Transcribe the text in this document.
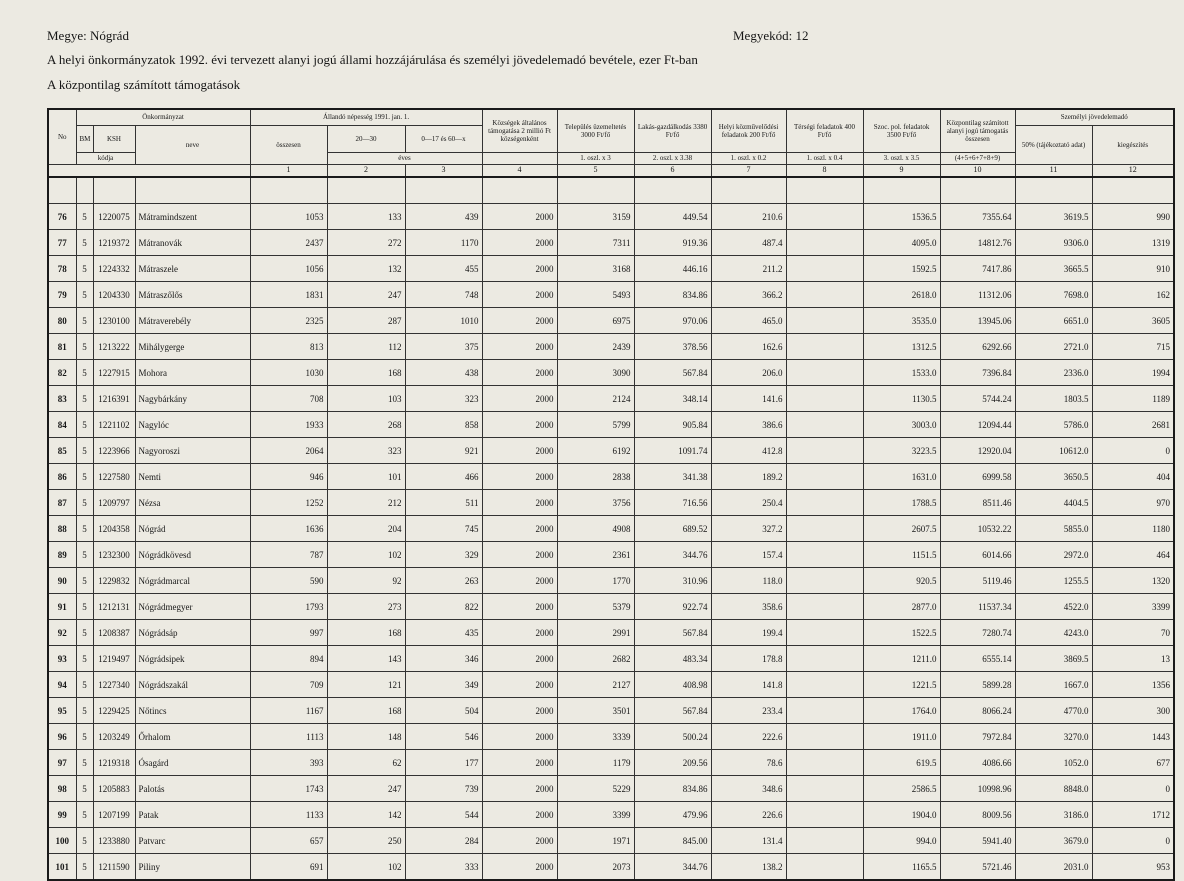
Megye: Nógrád	Megyekód: 12
A helyi önkormányzatok 1992. évi tervezett alanyi jogú állami hozzájárulása és személyi jövedelemadó bevétele, ezer Ft-ban
A központilag számított támogatások
No	Önkormányzat			Állandó népesség 1991. jan. 1.			Községek általános támogatása 2 millió Ft községenként	Település üzemeltetés 3000 Ft/fő	Lakás-gazdálkodás 3380 Ft/fő	Helyi közművelődési feladatok 200 Ft/fő	Térségi feladatok 400 Ft/fő	Szoc. pol. feladatok 3500 Ft/fő	Központilag számított alanyi jogú támogatás összesen	Személyi jövedelemadó	
	BM	KSH	neve	összesen	20—30	0—17 és 60—x								50% (tájékoztató adat)	kiegészítés
	kódja				éves			1. oszl. x 3	2. oszl. x 3.38	1. oszl. x 0.2	1. oszl. x 0.4	3. oszl. x 3.5	(4+5+6+7+8+9)		
				1	2	3	4	5	6	7	8	9	10	11	12

76	5	1220075	Mátramindszent	1053	133	439	2000	3159	449.54	210.6		1536.5	7355.64	3619.5	990
77	5	1219372	Mátranovák	2437	272	1170	2000	7311	919.36	487.4		4095.0	14812.76	9306.0	1319
78	5	1224332	Mátraszele	1056	132	455	2000	3168	446.16	211.2		1592.5	7417.86	3665.5	910
79	5	1204330	Mátraszőlős	1831	247	748	2000	5493	834.86	366.2		2618.0	11312.06	7698.0	162
80	5	1230100	Mátraverebély	2325	287	1010	2000	6975	970.06	465.0		3535.0	13945.06	6651.0	3605
81	5	1213222	Mihálygerge	813	112	375	2000	2439	378.56	162.6		1312.5	6292.66	2721.0	715
82	5	1227915	Mohora	1030	168	438	2000	3090	567.84	206.0		1533.0	7396.84	2336.0	1994
83	5	1216391	Nagybárkány	708	103	323	2000	2124	348.14	141.6		1130.5	5744.24	1803.5	1189
84	5	1221102	Nagylóc	1933	268	858	2000	5799	905.84	386.6		3003.0	12094.44	5786.0	2681
85	5	1223966	Nagyoroszi	2064	323	921	2000	6192	1091.74	412.8		3223.5	12920.04	10612.0	0
86	5	1227580	Nemti	946	101	466	2000	2838	341.38	189.2		1631.0	6999.58	3650.5	404
87	5	1209797	Nézsa	1252	212	511	2000	3756	716.56	250.4		1788.5	8511.46	4404.5	970
88	5	1204358	Nógrád	1636	204	745	2000	4908	689.52	327.2		2607.5	10532.22	5855.0	1180
89	5	1232300	Nógrádkövesd	787	102	329	2000	2361	344.76	157.4		1151.5	6014.66	2972.0	464
90	5	1229832	Nógrádmarcal	590	92	263	2000	1770	310.96	118.0		920.5	5119.46	1255.5	1320
91	5	1212131	Nógrádmegyer	1793	273	822	2000	5379	922.74	358.6		2877.0	11537.34	4522.0	3399
92	5	1208387	Nógrádsáp	997	168	435	2000	2991	567.84	199.4		1522.5	7280.74	4243.0	70
93	5	1219497	Nógrádsipek	894	143	346	2000	2682	483.34	178.8		1211.0	6555.14	3869.5	13
94	5	1227340	Nógrádszakál	709	121	349	2000	2127	408.98	141.8		1221.5	5899.28	1667.0	1356
95	5	1229425	Nőtincs	1167	168	504	2000	3501	567.84	233.4		1764.0	8066.24	4770.0	300
96	5	1203249	Őrhalom	1113	148	546	2000	3339	500.24	222.6		1911.0	7972.84	3270.0	1443
97	5	1219318	Ósagárd	393	62	177	2000	1179	209.56	78.6		619.5	4086.66	1052.0	677
98	5	1205883	Palotás	1743	247	739	2000	5229	834.86	348.6		2586.5	10998.96	8848.0	0
99	5	1207199	Patak	1133	142	544	2000	3399	479.96	226.6		1904.0	8009.56	3186.0	1712
100	5	1233880	Patvarc	657	250	284	2000	1971	845.00	131.4		994.0	5941.40	3679.0	0
101	5	1211590	Piliny	691	102	333	2000	2073	344.76	138.2		1165.5	5721.46	2031.0	953
